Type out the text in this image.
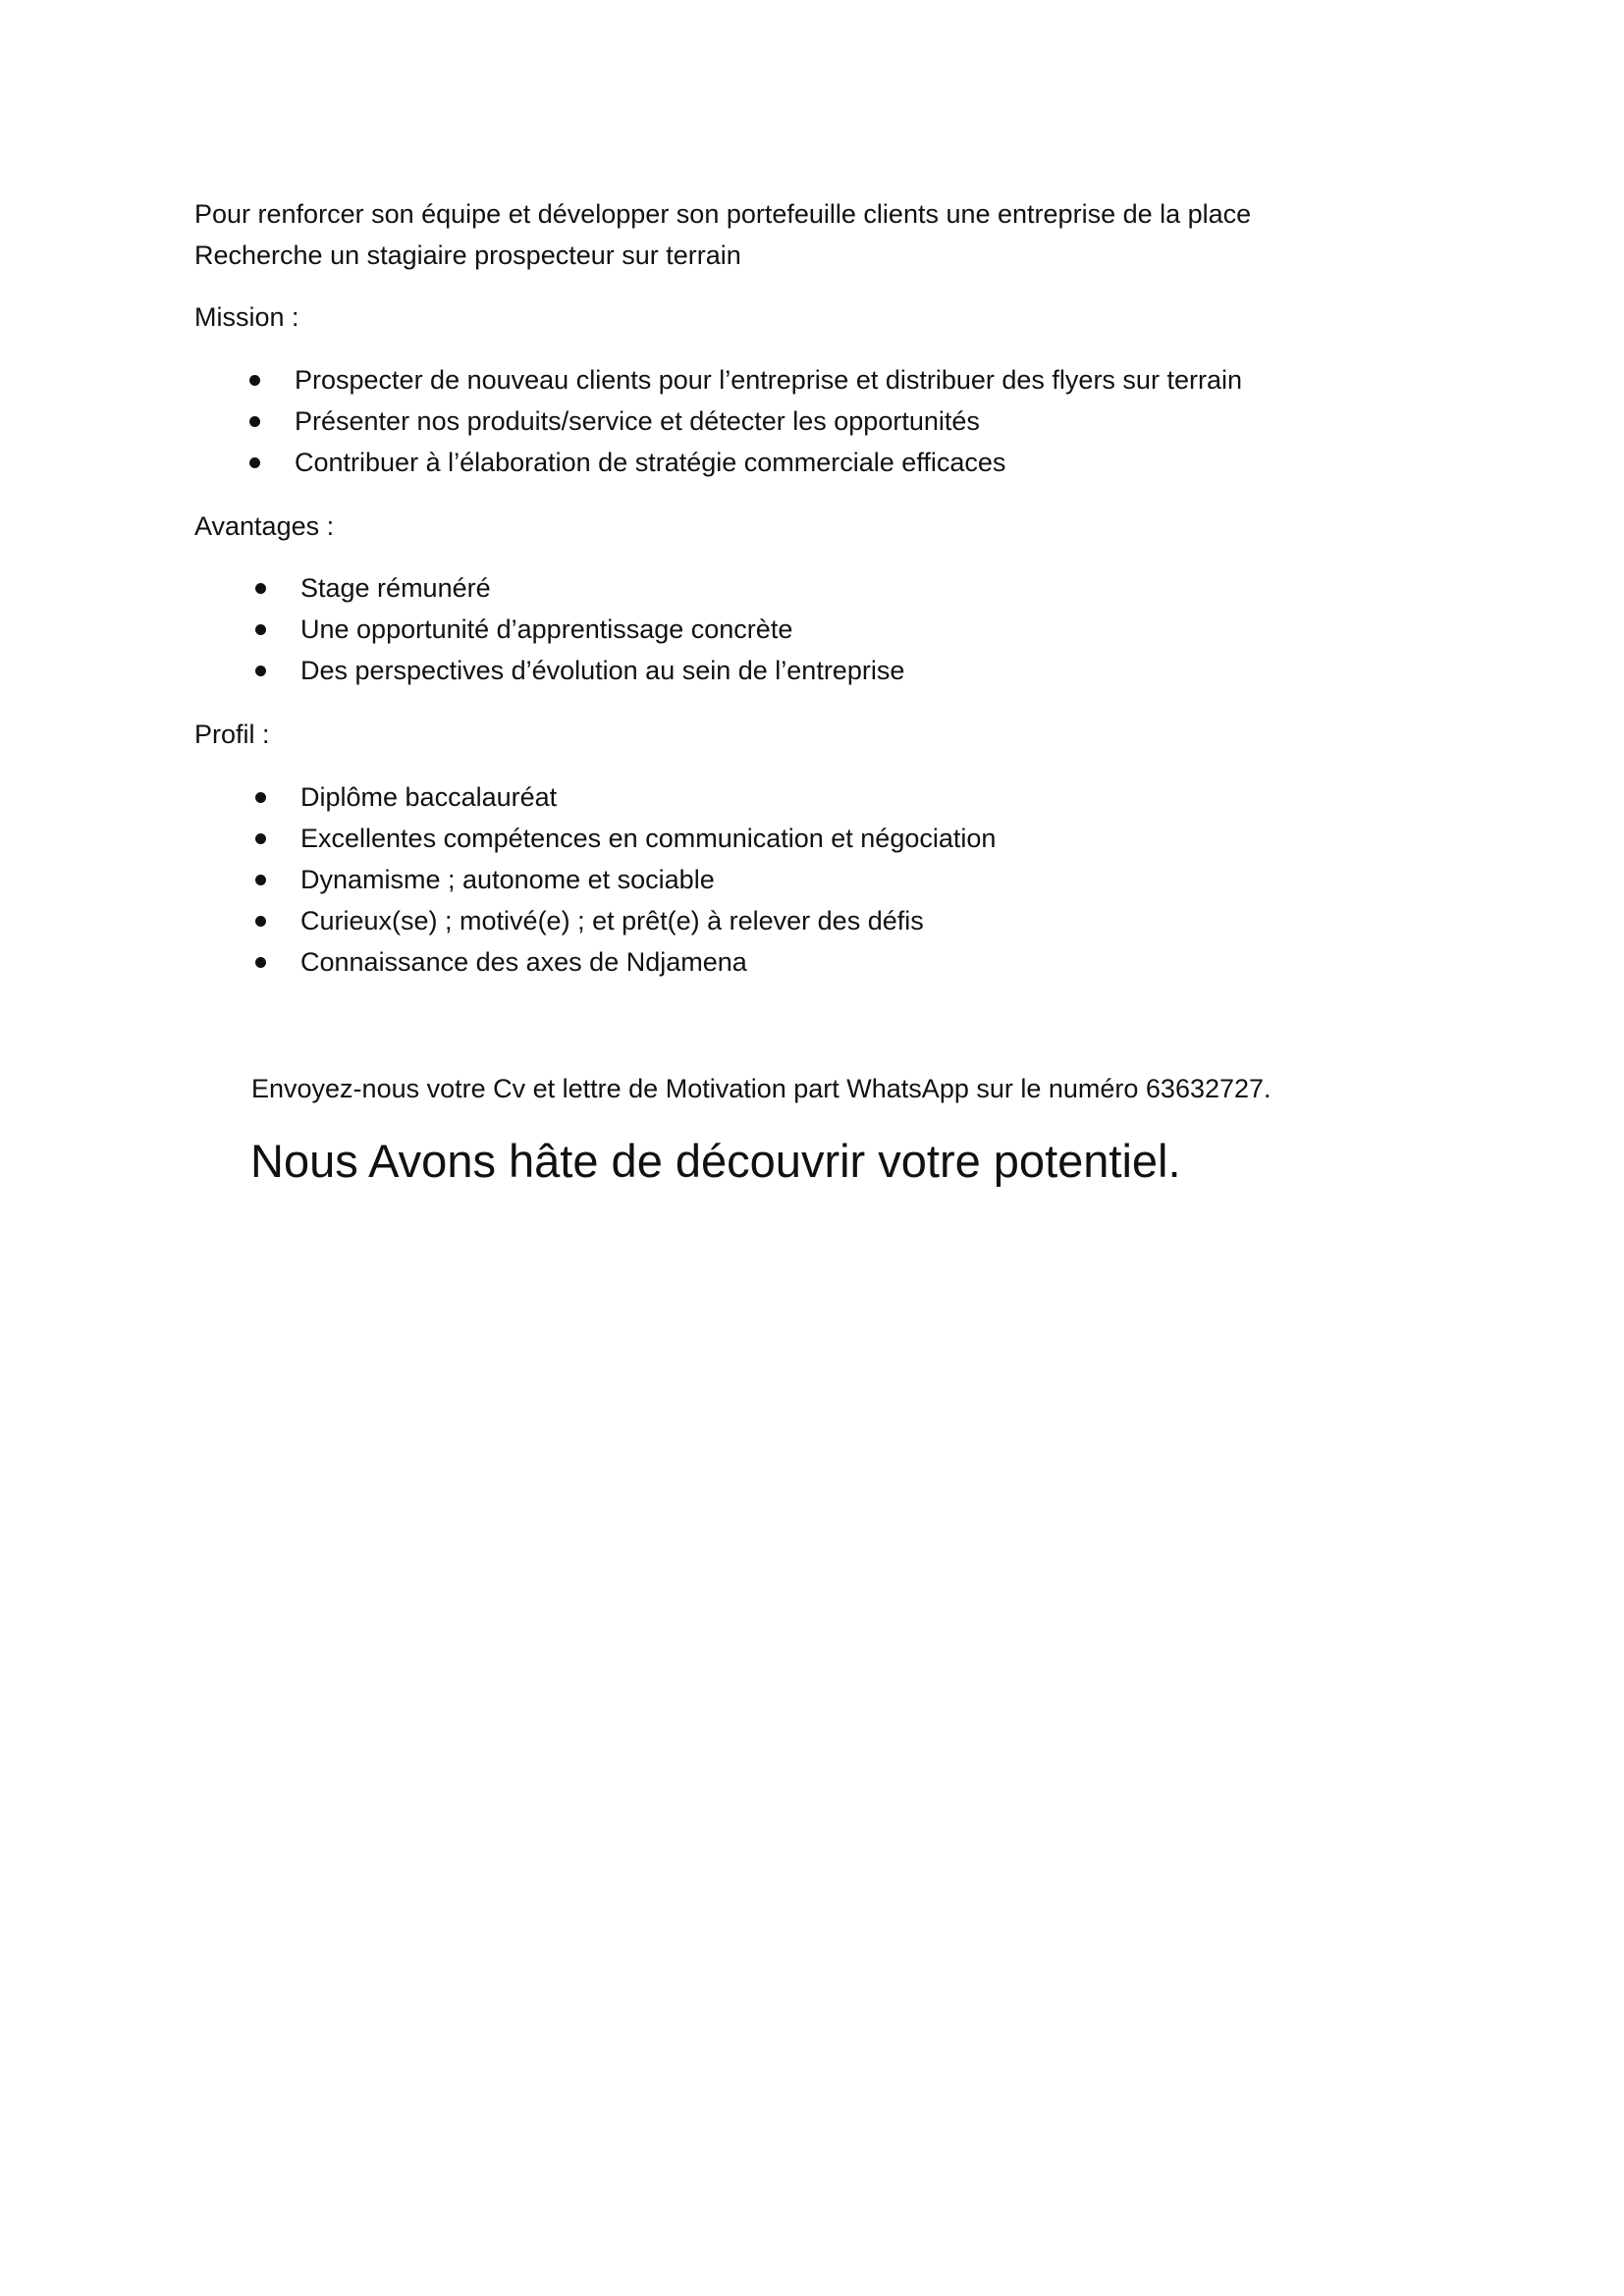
Pour renforcer son équipe et développer son portefeuille clients une entreprise de la place
Recherche un stagiaire prospecteur sur terrain
Mission :
Prospecter de nouveau clients pour l’entreprise et distribuer des flyers sur terrain
Présenter nos produits/service et détecter les opportunités
Contribuer à l’élaboration de stratégie commerciale efficaces
Avantages :
Stage rémunéré
Une opportunité d’apprentissage concrète
Des perspectives d’évolution au sein de l’entreprise
Profil :
Diplôme baccalauréat
Excellentes compétences en communication et négociation
Dynamisme ; autonome et sociable
Curieux(se) ; motivé(e) ; et prêt(e) à relever des défis
Connaissance des axes de Ndjamena
Envoyez-nous votre Cv et lettre de Motivation part WhatsApp sur le numéro 63632727.
Nous Avons hâte de découvrir votre potentiel.
